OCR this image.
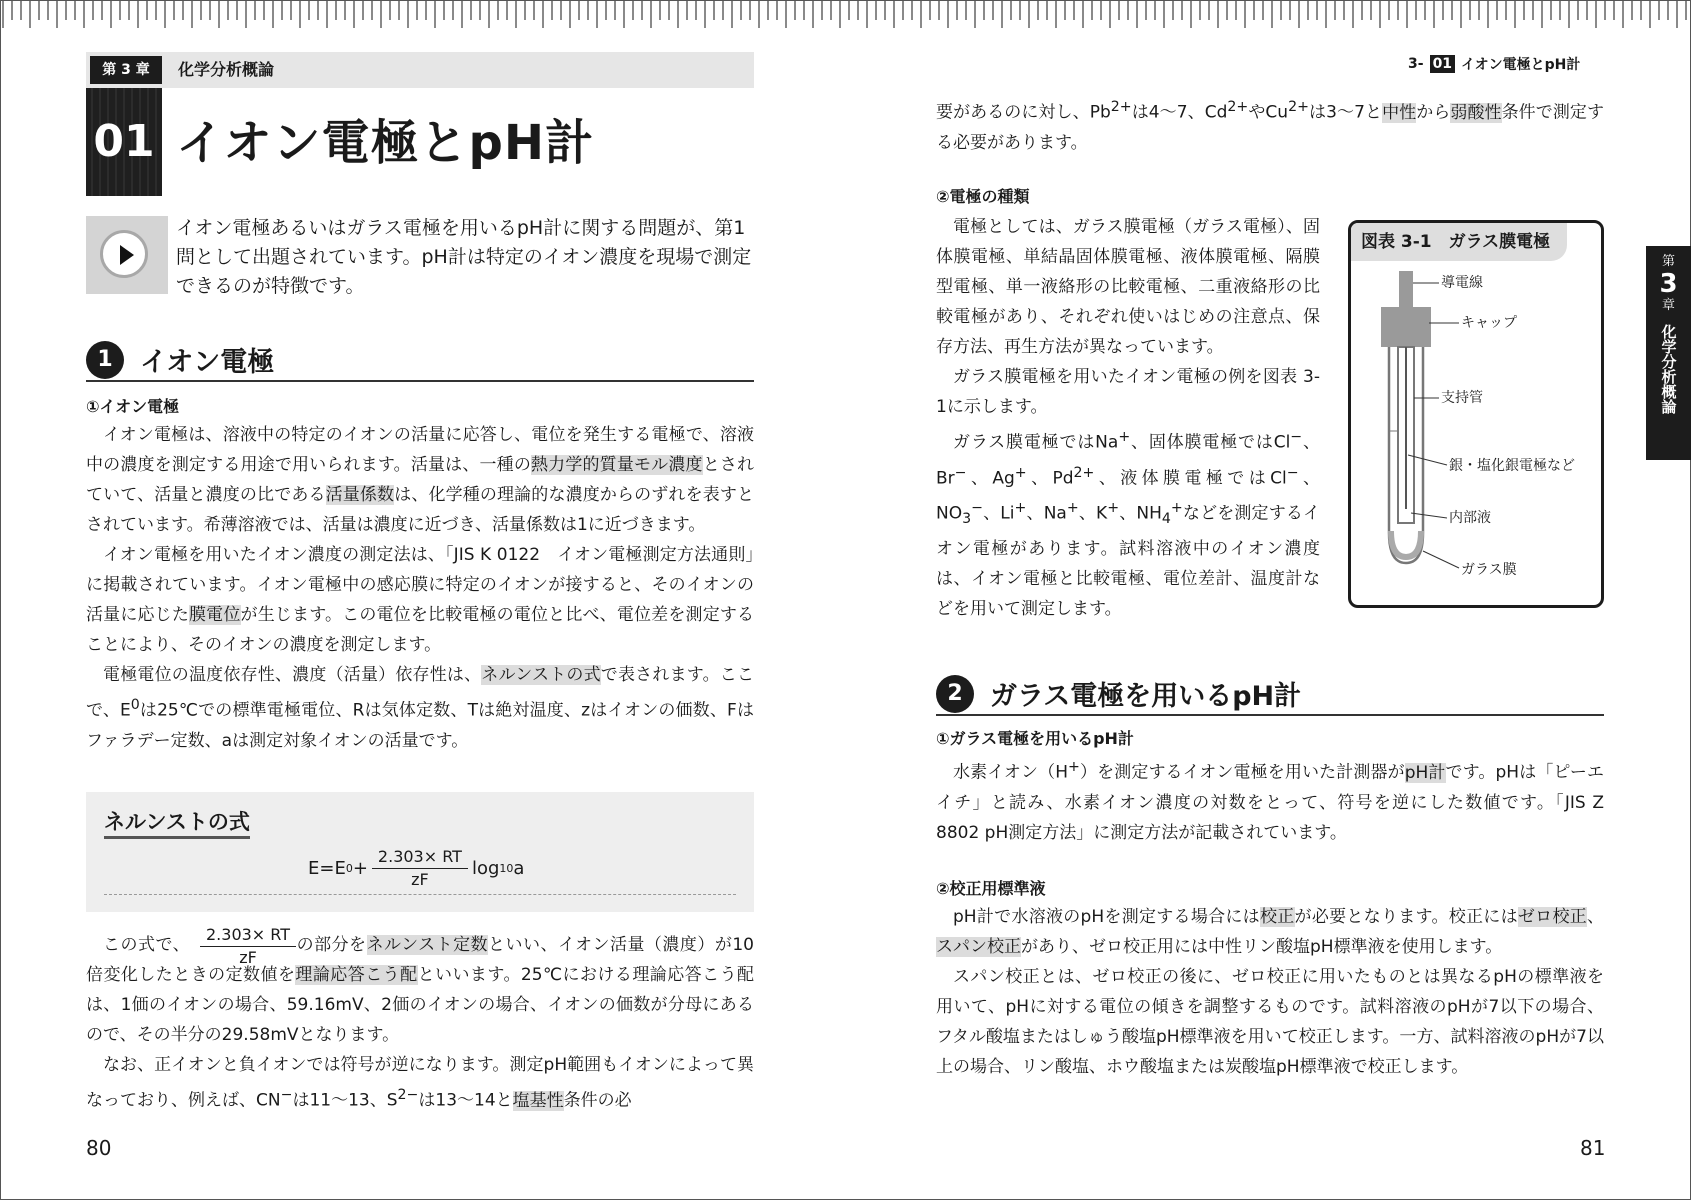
第 3 章	化学分析概論
01 イオン電極とpH計
イオン電極あるいはガラス電極を用いるpH計に関する問題が、第1問として出題されています。pH計は特定のイオン濃度を現場で測定できるのが特徴です。
1	イオン電極
①イオン電極

イオン電極は、溶液中の特定のイオンの活量に応答し、電位を発生する電極で、溶液中の濃度を測定する用途で用いられます。活量は、一種の熱力学的質量モル濃度とされていて、活量と濃度の比である活量係数は、化学種の理論的な濃度からのずれを表すとされています。希薄溶液では、活量は濃度に近づき、活量係数は1に近づきます。

イオン電極を用いたイオン濃度の測定法は、「JIS K 0122　イオン電極測定方法通則」に掲載されています。イオン電極中の感応膜に特定のイオンが接すると、そのイオンの活量に応じた膜電位が生じます。この電位を比較電極の電位と比べ、電位差を測定することにより、そのイオンの濃度を測定します。

電極電位の温度依存性、濃度（活量）依存性は、ネルンストの式で表されます。ここで、$E^0$は25℃での標準電極電位、Rは気体定数、Tは絶対温度、zはイオンの価数、Fはファラデー定数、aは測定対象イオンの活量です。

ネルンストの式
E=E $0 + \frac{2.303\times RT}{zF}$ log 10 a
$\frac{2.303\times RT}{zF}$

この式で、	の部分をネルンスト定数といい、イオン活量（濃度）が10倍変化したときの定数値を理論応答こう配といいます。25℃における理論応答こう配は、1価のイオンの場合、59.16mV、2価のイオンの場合、イオンの価数が分母にあるので、その半分の29.58mVとなります。

なお、正イオンと負イオンでは符号が逆になります。測定pH範囲もイオンによって異なっており、例えば、CN−は11～13、$S^{2-}$は13～14と塩基性条件の必

80
3- 01 イオン電極とpH計
第
3
章
化学分析概論

要があるのに対し、$Pb^{2+}$は4～7、$Cd^{2+}$や$Cu^{2+}$は3～7と中性から弱酸性条件で測定する必要があります。

②電極の種類

電極としては、ガラス膜電極（ガラス電極）、固体膜電極、単結晶固体膜電極、液体膜電極、隔膜型電極、単一液絡形の比較電極、二重液絡形の比較電極があり、それぞれ使いはじめの注意点、保存方法、再生方法が異なっています。

ガラス膜電極を用いたイオン電極の例を図表 3-1に示します。

ガラス膜電極ではNa+、固体膜電極ではCl−、Br−、Ag+、$Pd^{2+}$、液体膜電極ではCl−、$NO_3^-$、Li+、Na+、K+、$NH_4^+$などを測定するイオン電極があります。試料溶液中のイオン濃度は、イオン電極と比較電極、電位差計、温度計などを用いて測定します。

図表 3-1　ガラス膜電極
導電線
キャップ
支持管
銀・塩化銀電極など
内部液
ガラス膜
2	ガラス電極を用いるpH計
①ガラス電極を用いるpH計

水素イオン（H+）を測定するイオン電極を用いた計測器がpH計です。pHは「ピーエイチ」と読み、水素イオン濃度の対数をとって、符号を逆にした数値です。「JIS Z 8802 pH測定方法」に測定方法が記載されています。

②校正用標準液

pH計で水溶液のpHを測定する場合には校正が必要となります。校正にはゼロ校正、スパン校正があり、ゼロ校正用には中性リン酸塩pH標準液を使用します。

スパン校正とは、ゼロ校正の後に、ゼロ校正に用いたものとは異なるpHの標準液を用いて、pHに対する電位の傾きを調整するものです。試料溶液のpHが7以下の場合、フタル酸塩またはしゅう酸塩pH標準液を用いて校正します。一方、試料溶液のpHが7以上の場合、リン酸塩、ホウ酸塩または炭酸塩pH標準液で校正します。

81
